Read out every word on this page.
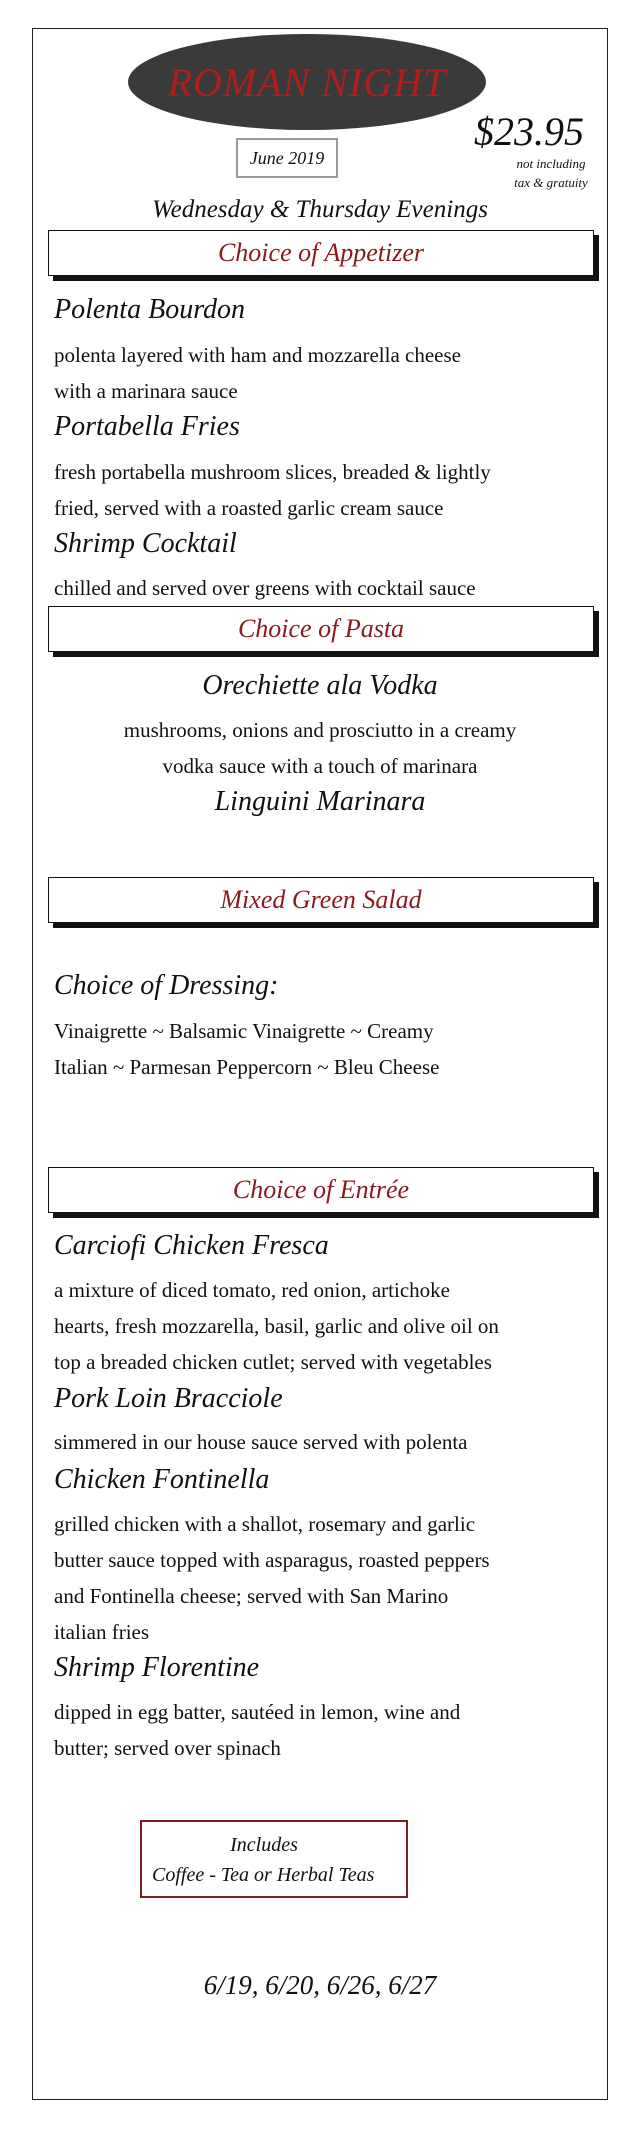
ROMAN NIGHT
June 2019
$23.95
not including
tax & gratuity
Wednesday & Thursday Evenings
Choice of Appetizer
Polenta Bourdon
polenta layered with ham and mozzarella cheese
with a marinara sauce
Portabella Fries
fresh portabella mushroom slices, breaded & lightly
fried, served with a roasted garlic cream sauce
Shrimp Cocktail
chilled and served over greens with cocktail sauce
Choice of Pasta
Orechiette ala Vodka
mushrooms, onions and prosciutto in a creamy
vodka sauce with a touch of marinara
Linguini Marinara
Mixed Green Salad
Choice of Dressing:
Vinaigrette ~ Balsamic Vinaigrette ~ Creamy
Italian ~ Parmesan Peppercorn ~ Bleu Cheese
Choice of Entrée
Carciofi Chicken Fresca
a mixture of diced tomato, red onion, artichoke
hearts, fresh mozzarella, basil, garlic and olive oil on
top a breaded chicken cutlet; served with vegetables
Pork Loin Bracciole
simmered in our house sauce served with polenta
Chicken Fontinella
grilled chicken with a shallot, rosemary and garlic
butter sauce topped with asparagus, roasted peppers
and Fontinella cheese; served with San Marino
italian fries
Shrimp Florentine
dipped in egg batter, sautéed in lemon, wine and
butter; served over spinach
Includes
Coffee - Tea or Herbal Teas
6/19, 6/20, 6/26, 6/27
